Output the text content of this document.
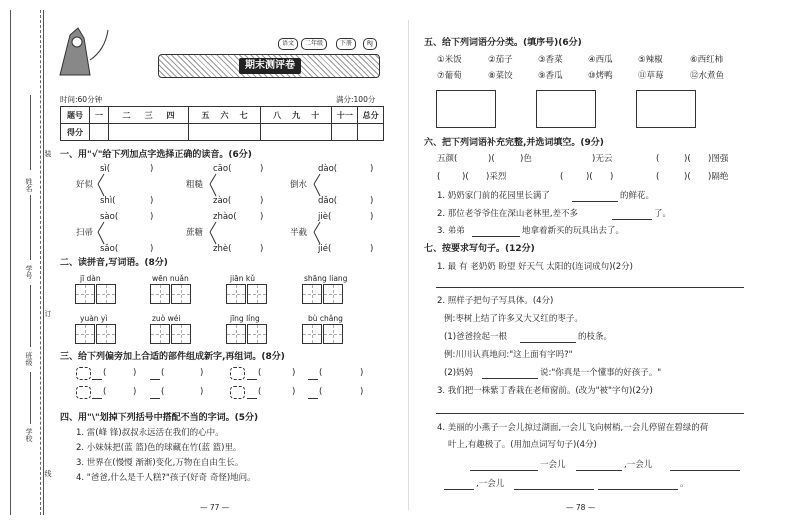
装
订
线
姓名
学号
班级
学校
语文	二年级	下册	RJ
期末测评卷
时间:60分钟	满分:100分
题号	一	二 三 四	五 六 七	八 九 十	十一	总分
得分						
一、用"√"给下列加点字选择正确的读音。(6分)
sì(	)
好似
shì(	)
cāo(	)
粗糙
zào(	)
dào(	)
倒水
dǎo(	)
sào(	)
扫帚
sǎo(	)
zhào(	)
蔗糖
zhè(	)
jiè(	)
半截
jié(	)
二、读拼音,写词语。(8分)
jī dàn	wēn nuǎn	jiān kǔ	shāng liang
yuàn yì	zuò wéi	jīng líng	bù chǎng
三、给下列偏旁加上合适的部件组成新字,再组词。(8分)
(	)	(	)	(	)	(	)
(	)	(	)	(	)	(	)
四、用"\"划掉下列括号中搭配不当的字词。(5分)
1. 雷(峰 锋)叔叔永远活在我们的心中。
2. 小妹妹把(蓝 篮)色的球藏在竹(蓝 篮)里。
3. 世界在(慢慢 渐渐)变化,万物在自由生长。
4. "爸爸,什么是千人糕?"孩子(好奇 奇怪)地问。
— 77 —
五、给下列词语分分类。(填序号)(6分)
①米饭	②茄子	③香菜	④西瓜	⑤辣椒	⑥西红柿
⑦葡萄	⑧菜饺	⑨香瓜	⑩烤鸭	⑪草莓	⑫水煮鱼
六、把下列词语补充完整,并选词填空。(9分)
五颜(	)(	)色	)无云	(	)( )图强
(	)( )采烈	(	)( )	(	)( )隔绝
1. 奶奶家门前的花园里长满了	的鲜花。
2. 那位老爷爷住在深山老林里,差不多	了。
3. 弟弟	地拿着新买的玩具出去了。
七、按要求写句子。(12分)
1. 最 有 老奶奶 盼望 好天气 太阳的(连词成句)(2分)
2. 照样子把句子写具体。(4分)
例:枣树上结了许多又大又红的枣子。
(1)爸爸捡起一根	的枝条。
例:川川认真地问:"这上面有字吗?"
(2)妈妈	说:"你真是一个懂事的好孩子。"
3. 我们把一株紫丁香栽在老师窗前。(改为"被"字句)(2分)
4. 美丽的小燕子一会儿掠过湖面,一会儿飞向树梢,一会儿停留在碧绿的荷
叶上,有趣极了。(用加点词写句子)(4分)
一会儿	,一会儿
,一会儿	。
— 78 —
